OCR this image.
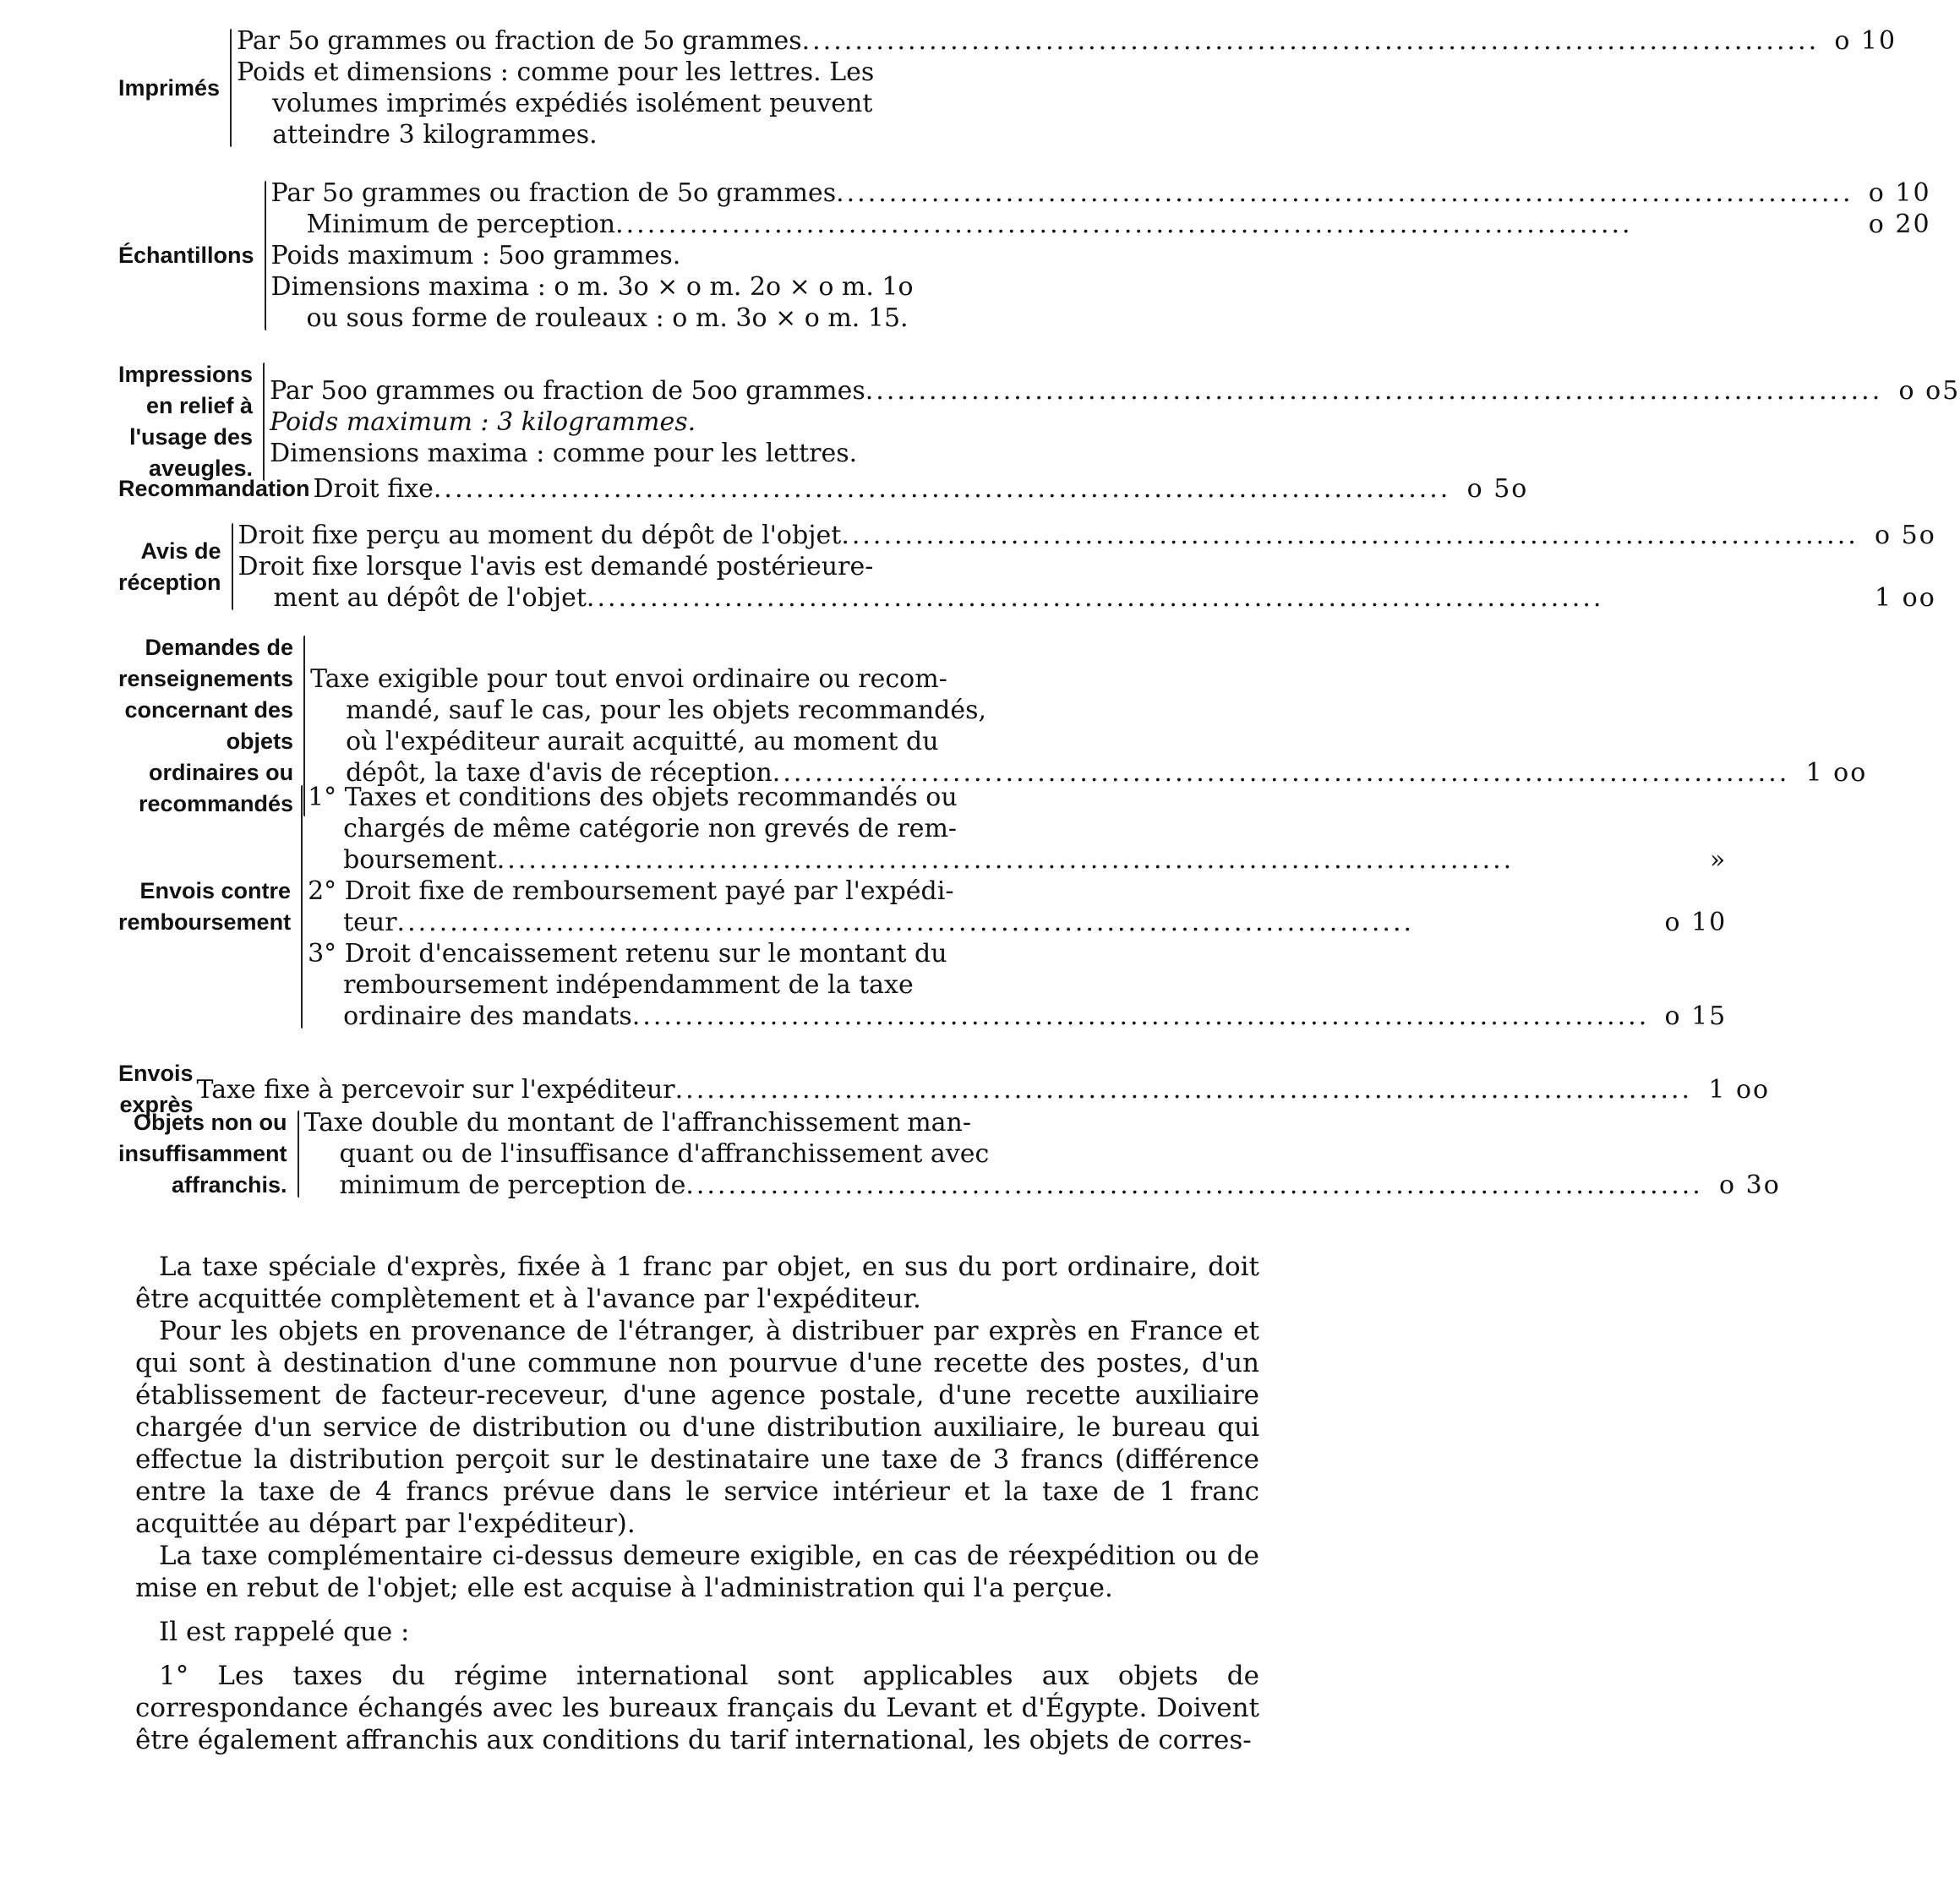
Imprimés
Par 5o grammes ou fraction de 5o grammes .....	o 10
Poids et dimensions : comme pour les lettres. Les
volumes imprimés expédiés isolément peuvent
atteindre 3 kilogrammes.
Échantillons
Par 5o grammes ou fraction de 5o grammes .....	o 10
Minimum de perception .....	o 20
Poids maximum : 5oo grammes.
Dimensions maxima : o m. 3o × o m. 2o × o m. 1o
ou sous forme de rouleaux : o m. 3o × o m. 15.
Impressions en relief à l'usage des aveugles.
Par 5oo grammes ou fraction de 5oo grammes .....	o o5
Poids maximum : 3 kilogrammes.
Dimensions maxima : comme pour les lettres.
Recommandation Droit fixe .....	o 5o
Avis de réception
Droit fixe perçu au moment du dépôt de l'objet .....	o 5o
Droit fixe lorsque l'avis est demandé postérieure-
ment au dépôt de l'objet .....	1 oo
Demandes de renseignements concernant des objets ordinaires ou recommandés
Taxe exigible pour tout envoi ordinaire ou recom-
mandé, sauf le cas, pour les objets recommandés,
où l'expéditeur aurait acquitté, au moment du
dépôt, la taxe d'avis de réception .....	1 oo
Envois contre remboursement
1° Taxes et conditions des objets recommandés ou
chargés de même catégorie non grevés de rem-
boursement .....	»
2° Droit fixe de remboursement payé par l'expédi-
teur .....	o 10
3° Droit d'encaissement retenu sur le montant du
remboursement indépendamment de la taxe
ordinaire des mandats .....	o 15
Envois exprès
Taxe fixe à percevoir sur l'expéditeur .....	1 oo
Objets non ou insuffisamment affranchis.
Taxe double du montant de l'affranchissement man-
quant ou de l'insuffisance d'affranchissement avec
minimum de perception de .....	o 3o

La taxe spéciale d'exprès, fixée à 1 franc par objet, en sus du port ordinaire, doit être acquittée complètement et à l'avance par l'expéditeur.

Pour les objets en provenance de l'étranger, à distribuer par exprès en France et qui sont à destination d'une commune non pourvue d'une recette des postes, d'un établissement de facteur-receveur, d'une agence postale, d'une recette auxiliaire chargée d'un service de distribution ou d'une distribution auxiliaire, le bureau qui effectue la distribution perçoit sur le destinataire une taxe de 3 francs (différence entre la taxe de 4 francs prévue dans le service intérieur et la taxe de 1 franc acquittée au départ par l'expéditeur).

La taxe complémentaire ci-dessus demeure exigible, en cas de réexpédition ou de mise en rebut de l'objet; elle est acquise à l'administration qui l'a perçue.

Il est rappelé que :

1° Les taxes du régime international sont applicables aux objets de correspondance échangés avec les bureaux français du Levant et d'Égypte. Doivent être également affranchis aux conditions du tarif international, les objets de corres-
